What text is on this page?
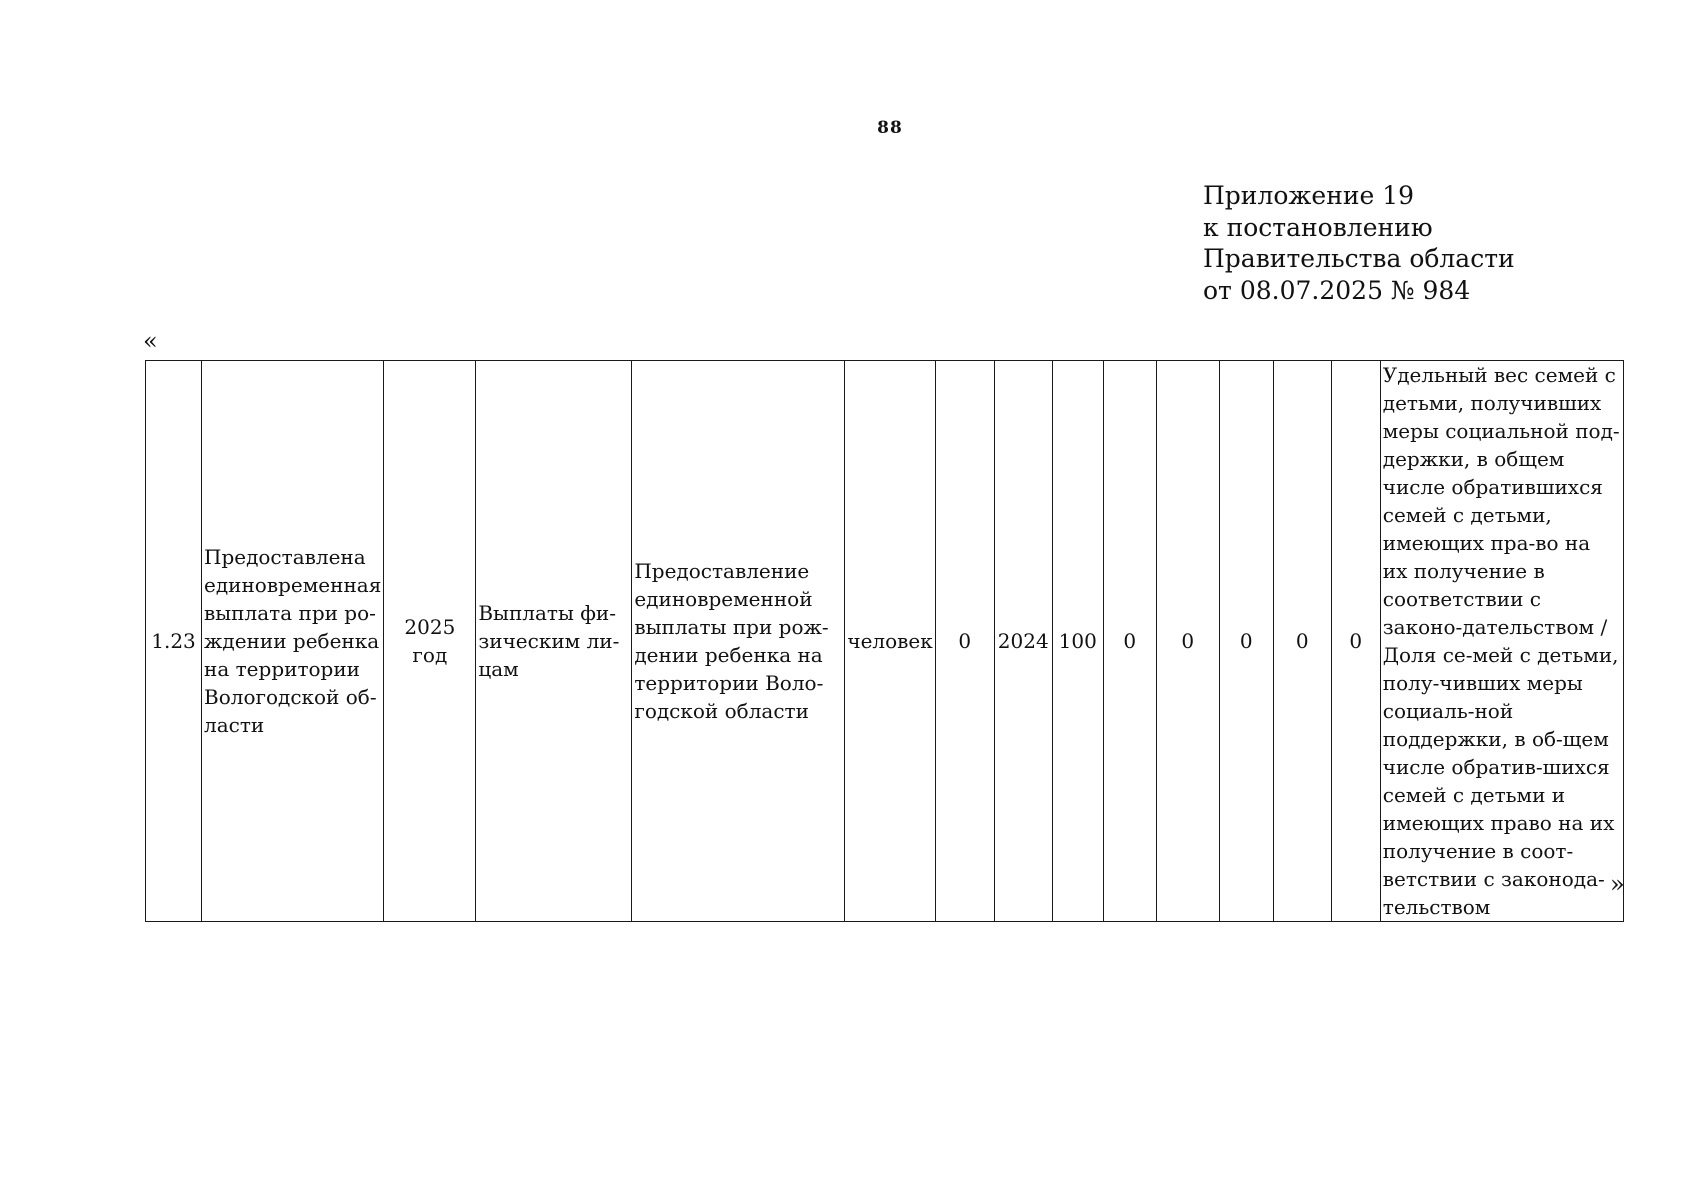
88
Приложение 19
к постановлению
Правительства области
от 08.07.2025 № 984
«
1.23	Предоставлена единовременная выплата при ро-ждении ребенка на территории Вологодской об-ласти	2025 год	Выплаты фи-зическим ли-цам	Предоставление единовременной выплаты при рож-дении ребенка на территории Воло-годской области	человек	0	2024	100	0	0	0	0	0	Удельный вес семей с детьми, получивших меры социальной под-держки, в общем числе обратившихся семей с детьми, имеющих пра-во на их получение в соответствии с законо-дательством / Доля се-мей с детьми, полу-чивших меры социаль-ной поддержки, в об-щем числе обратив-шихся семей с детьми и имеющих право на их получение в соот-ветствии с законода-тельством
»
